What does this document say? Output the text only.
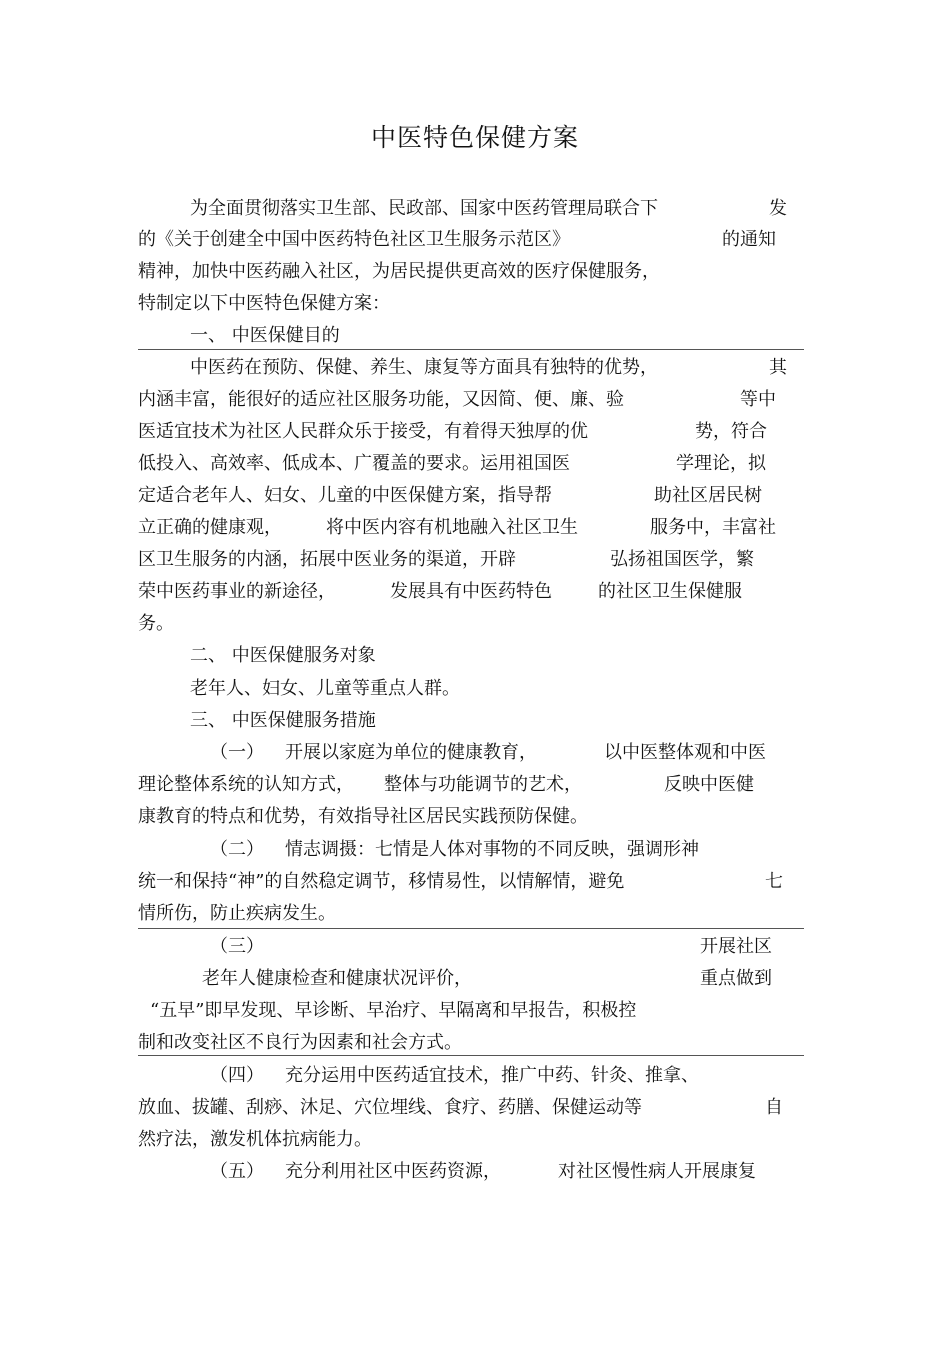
中医特色保健方案
为全面贯彻落实卫生部、民政部、国家中医药管理局联合下	发
的《关于创建全中国中医药特色社区卫生服务示范区》	的通知
精神，加快中医药融入社区，为居民提供更高效的医疗保健服务，
特制定以下中医特色保健方案：
一、 中医保健目的
中医药在预防、保健、养生、康复等方面具有独特的优势，	其
内涵丰富，能很好的适应社区服务功能，又因简、便、廉、验	等中
医适宜技术为社区人民群众乐于接受，有着得天独厚的优	势，符合
低投入、高效率、低成本、广覆盖的要求。运用祖国医	学理论，拟
定适合老年人、妇女、儿童的中医保健方案，指导帮	助社区居民树
立正确的健康观， 将中医内容有机地融入社区卫生	服务中，丰富社
区卫生服务的内涵，拓展中医业务的渠道，开辟	弘扬祖国医学，繁
荣中医药事业的新途径，	发展具有中医药特色	的社区卫生保健服
务。
二、 中医保健服务对象
老年人、妇女、儿童等重点人群。
三、 中医保健服务措施
（一） 开展以家庭为单位的健康教育，	以中医整体观和中医
理论整体系统的认知方式， 整体与功能调节的艺术，	反映中医健
康教育的特点和优势，有效指导社区居民实践预防保健。
（二） 情志调摄：七情是人体对事物的不同反映，强调形神
统一和保持“神”的自然稳定调节，移情易性，以情解情，避免	七
情所伤，防止疾病发生。
（三）	开展社区
老年人健康检查和健康状况评价，	重点做到
“五早”即早发现、早诊断、早治疗、早隔离和早报告，积极控
制和改变社区不良行为因素和社会方式。
（四） 充分运用中医药适宜技术，推广中药、针灸、推拿、
放血、拔罐、刮痧、沐足、穴位埋线、食疗、药膳、保健运动等	自
然疗法，激发机体抗病能力。
（五） 充分利用社区中医药资源，	对社区慢性病人开展康复
